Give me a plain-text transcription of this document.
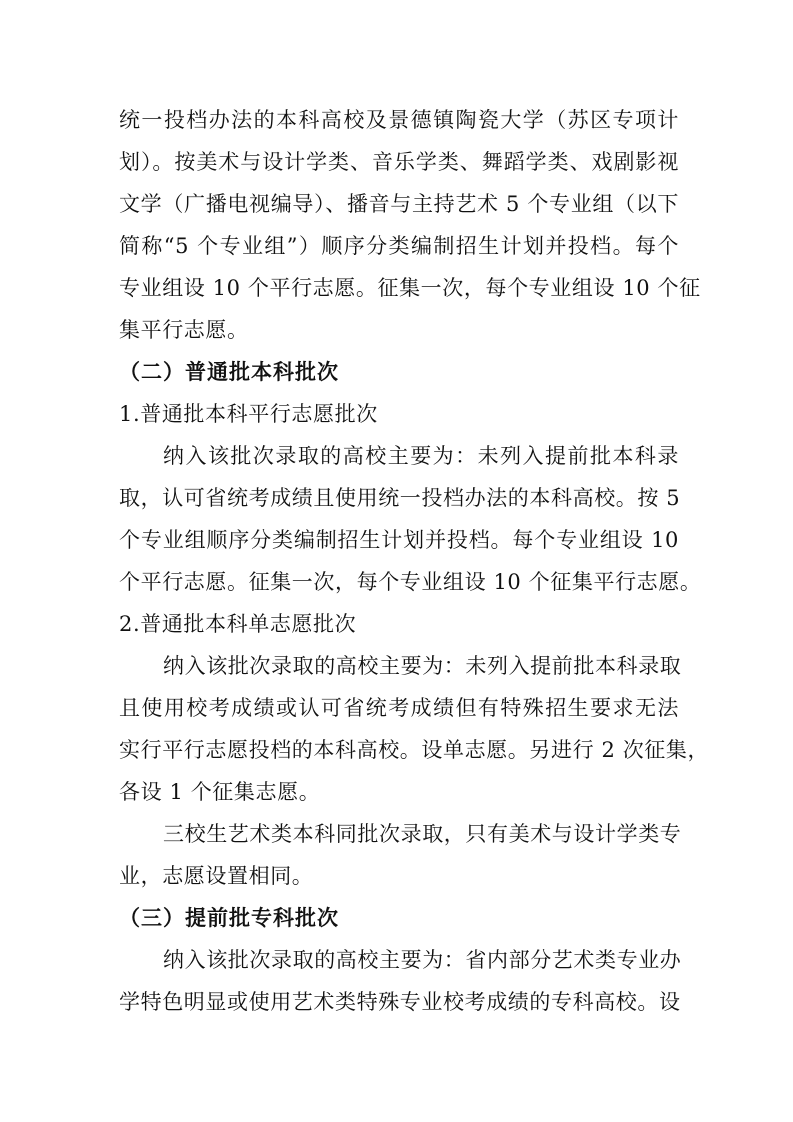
统一投档办法的本科高校及景德镇陶瓷大学（苏区专项计
划）。按美术与设计学类、音乐学类、舞蹈学类、戏剧影视
文学（广播电视编导）、播音与主持艺术 5 个专业组（以下
简称“5 个专业组”）顺序分类编制招生计划并投档。每个
专业组设 10 个平行志愿。征集一次，每个专业组设 10 个征
集平行志愿。
（二）普通批本科批次
1.普通批本科平行志愿批次
纳入该批次录取的高校主要为：未列入提前批本科录
取，认可省统考成绩且使用统一投档办法的本科高校。按 5
个专业组顺序分类编制招生计划并投档。每个专业组设 10
个平行志愿。征集一次，每个专业组设 10 个征集平行志愿。
2.普通批本科单志愿批次
纳入该批次录取的高校主要为：未列入提前批本科录取
且使用校考成绩或认可省统考成绩但有特殊招生要求无法
实行平行志愿投档的本科高校。设单志愿。另进行 2 次征集，
各设 1 个征集志愿。
三校生艺术类本科同批次录取，只有美术与设计学类专
业，志愿设置相同。
（三）提前批专科批次
纳入该批次录取的高校主要为：省内部分艺术类专业办
学特色明显或使用艺术类特殊专业校考成绩的专科高校。设
